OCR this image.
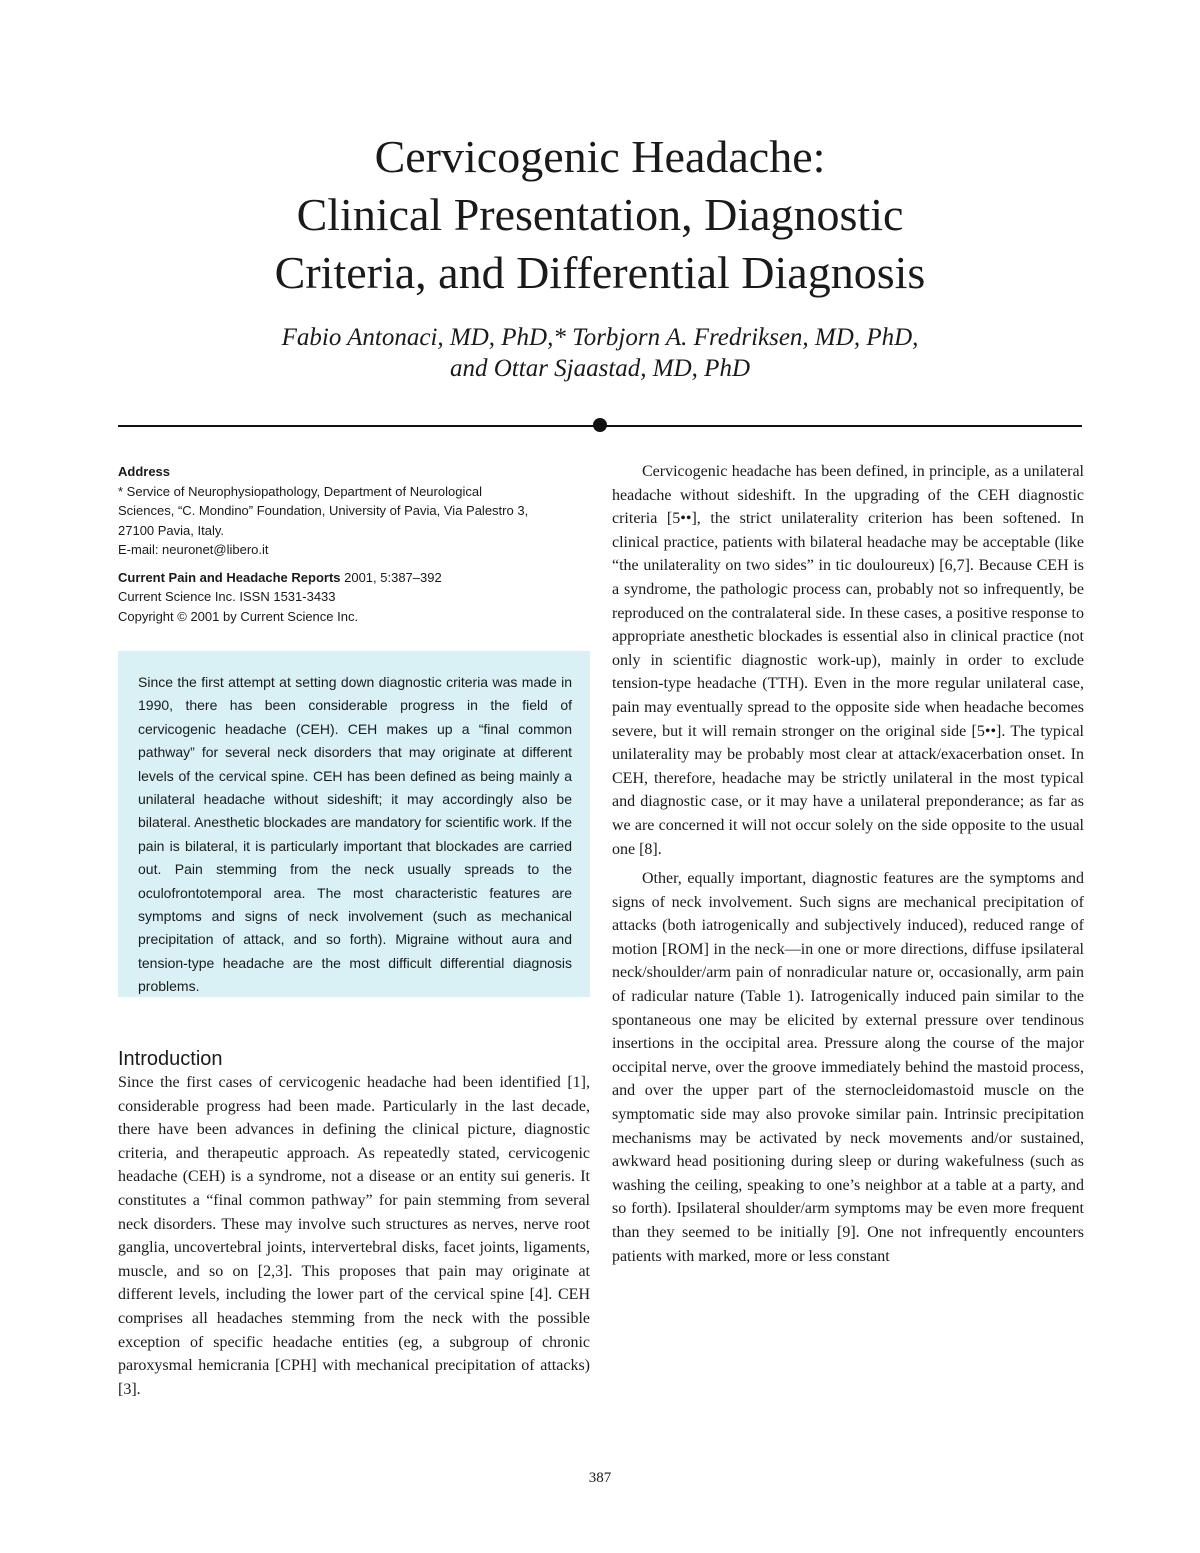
Cervicogenic Headache:
Clinical Presentation, Diagnostic
Criteria, and Differential Diagnosis
Fabio Antonaci, MD, PhD,* Torbjorn A. Fredriksen, MD, PhD,
and Ottar Sjaastad, MD, PhD
Address
* Service of Neurophysiopathology, Department of Neurological
Sciences, “C. Mondino” Foundation, University of Pavia, Via Palestro 3,
27100 Pavia, Italy.
E-mail: neuronet@libero.it
Current Pain and Headache Reports 2001, 5:387–392
Current Science Inc. ISSN 1531-3433
Copyright © 2001 by Current Science Inc.
Since the first attempt at setting down diagnostic criteria was made in 1990, there has been considerable progress in the field of cervicogenic headache (CEH). CEH makes up a “final common pathway” for several neck disorders that may originate at different levels of the cervical spine. CEH has been defined as being mainly a unilateral headache without sideshift; it may accordingly also be bilateral. Anesthetic blockades are mandatory for scientific work. If the pain is bilateral, it is particularly important that blockades are carried out. Pain stemming from the neck usually spreads to the oculofrontotemporal area. The most characteristic features are symptoms and signs of neck involvement (such as mechanical precipitation of attack, and so forth). Migraine without aura and tension-type headache are the most difficult differential diagnosis problems.
Introduction

Since the first cases of cervicogenic headache had been identified [1], considerable progress had been made. Particularly in the last decade, there have been advances in defining the clinical picture, diagnostic criteria, and therapeutic approach. As repeatedly stated, cervicogenic headache (CEH) is a syndrome, not a disease or an entity sui generis. It constitutes a “final common pathway” for pain stemming from several neck disorders. These may involve such structures as nerves, nerve root ganglia, uncovertebral joints, intervertebral disks, facet joints, ligaments, muscle, and so on [2,3]. This proposes that pain may originate at different levels, including the lower part of the cervical spine [4]. CEH comprises all headaches stemming from the neck with the possible exception of specific headache entities (eg, a subgroup of chronic paroxysmal hemicrania [CPH] with mechanical precipitation of attacks) [3].

Cervicogenic headache has been defined, in principle, as a unilateral headache without sideshift. In the upgrading of the CEH diagnostic criteria [5••], the strict unilaterality criterion has been softened. In clinical practice, patients with bilateral headache may be acceptable (like “the unilaterality on two sides” in tic douloureux) [6,7]. Because CEH is a syndrome, the pathologic process can, probably not so infrequently, be reproduced on the contralateral side. In these cases, a positive response to appropriate anesthetic blockades is essential also in clinical practice (not only in scientific diagnostic work-up), mainly in order to exclude tension-type headache (TTH). Even in the more regular unilateral case, pain may eventually spread to the opposite side when headache becomes severe, but it will remain stronger on the original side [5••]. The typical unilaterality may be probably most clear at attack/exacerbation onset. In CEH, therefore, headache may be strictly unilateral in the most typical and diagnostic case, or it may have a unilateral preponderance; as far as we are concerned it will not occur solely on the side opposite to the usual one [8].

Other, equally important, diagnostic features are the symptoms and signs of neck involvement. Such signs are mechanical precipitation of attacks (both iatrogenically and subjectively induced), reduced range of motion [ROM] in the neck—in one or more directions, diffuse ipsilateral neck/shoulder/arm pain of nonradicular nature or, occasionally, arm pain of radicular nature (Table 1). Iatrogenically induced pain similar to the spontaneous one may be elicited by external pressure over tendinous insertions in the occipital area. Pressure along the course of the major occipital nerve, over the groove immediately behind the mastoid process, and over the upper part of the sternocleidomastoid muscle on the symptomatic side may also provoke similar pain. Intrinsic precipitation mechanisms may be activated by neck movements and/or sustained, awkward head positioning during sleep or during wakefulness (such as washing the ceiling, speaking to one’s neighbor at a table at a party, and so forth). Ipsilateral shoulder/arm symptoms may be even more frequent than they seemed to be initially [9]. One not infrequently encounters patients with marked, more or less constant

387
